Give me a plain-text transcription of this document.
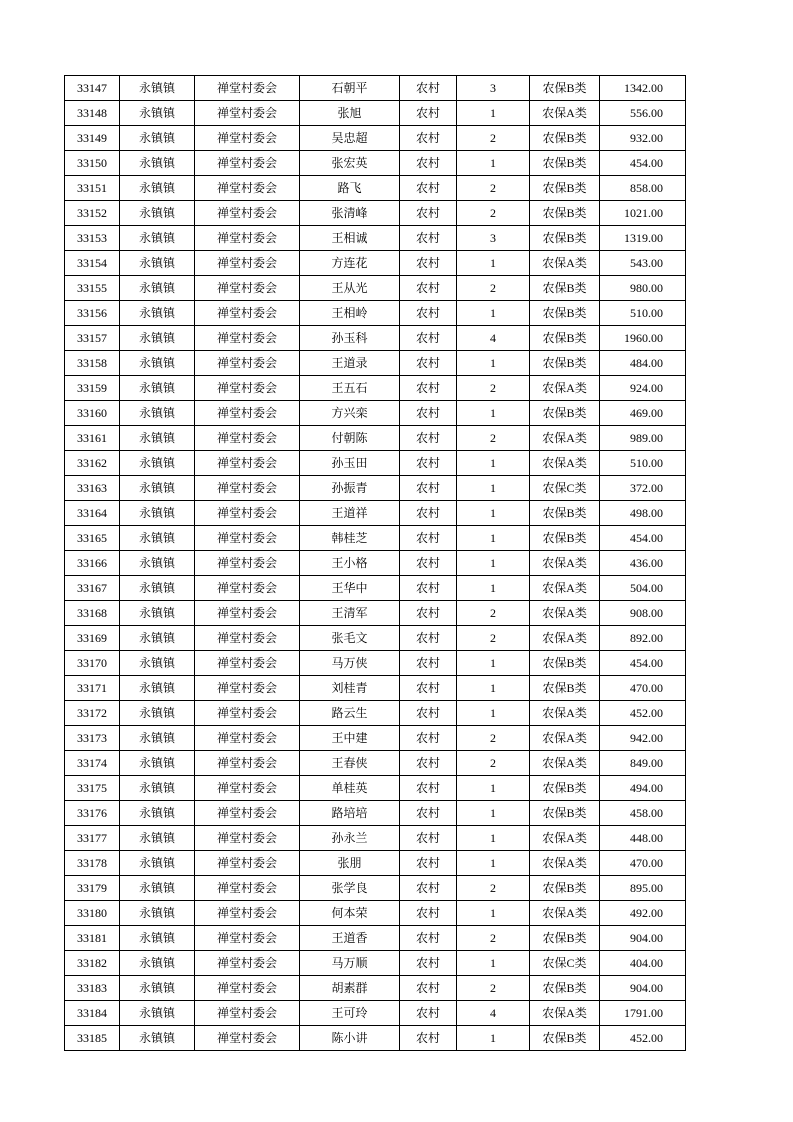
33147	永镇镇	禅堂村委会	石朝平	农村	3	农保B类	1342.00
33148	永镇镇	禅堂村委会	张旭	农村	1	农保A类	556.00
33149	永镇镇	禅堂村委会	吴忠超	农村	2	农保B类	932.00
33150	永镇镇	禅堂村委会	张宏英	农村	1	农保B类	454.00
33151	永镇镇	禅堂村委会	路飞	农村	2	农保B类	858.00
33152	永镇镇	禅堂村委会	张清峰	农村	2	农保B类	1021.00
33153	永镇镇	禅堂村委会	王相诚	农村	3	农保B类	1319.00
33154	永镇镇	禅堂村委会	方连花	农村	1	农保A类	543.00
33155	永镇镇	禅堂村委会	王从光	农村	2	农保B类	980.00
33156	永镇镇	禅堂村委会	王相岭	农村	1	农保B类	510.00
33157	永镇镇	禅堂村委会	孙玉科	农村	4	农保B类	1960.00
33158	永镇镇	禅堂村委会	王道录	农村	1	农保B类	484.00
33159	永镇镇	禅堂村委会	王五石	农村	2	农保A类	924.00
33160	永镇镇	禅堂村委会	方兴栾	农村	1	农保B类	469.00
33161	永镇镇	禅堂村委会	付朝陈	农村	2	农保A类	989.00
33162	永镇镇	禅堂村委会	孙玉田	农村	1	农保A类	510.00
33163	永镇镇	禅堂村委会	孙振青	农村	1	农保C类	372.00
33164	永镇镇	禅堂村委会	王道祥	农村	1	农保B类	498.00
33165	永镇镇	禅堂村委会	韩桂芝	农村	1	农保B类	454.00
33166	永镇镇	禅堂村委会	王小格	农村	1	农保A类	436.00
33167	永镇镇	禅堂村委会	王华中	农村	1	农保A类	504.00
33168	永镇镇	禅堂村委会	王清军	农村	2	农保A类	908.00
33169	永镇镇	禅堂村委会	张毛文	农村	2	农保A类	892.00
33170	永镇镇	禅堂村委会	马万侠	农村	1	农保B类	454.00
33171	永镇镇	禅堂村委会	刘桂青	农村	1	农保B类	470.00
33172	永镇镇	禅堂村委会	路云生	农村	1	农保A类	452.00
33173	永镇镇	禅堂村委会	王中建	农村	2	农保A类	942.00
33174	永镇镇	禅堂村委会	王春侠	农村	2	农保A类	849.00
33175	永镇镇	禅堂村委会	单桂英	农村	1	农保B类	494.00
33176	永镇镇	禅堂村委会	路培培	农村	1	农保B类	458.00
33177	永镇镇	禅堂村委会	孙永兰	农村	1	农保A类	448.00
33178	永镇镇	禅堂村委会	张朋	农村	1	农保A类	470.00
33179	永镇镇	禅堂村委会	张学良	农村	2	农保B类	895.00
33180	永镇镇	禅堂村委会	何本荣	农村	1	农保A类	492.00
33181	永镇镇	禅堂村委会	王道香	农村	2	农保B类	904.00
33182	永镇镇	禅堂村委会	马万顺	农村	1	农保C类	404.00
33183	永镇镇	禅堂村委会	胡素群	农村	2	农保B类	904.00
33184	永镇镇	禅堂村委会	王可玲	农村	4	农保A类	1791.00
33185	永镇镇	禅堂村委会	陈小讲	农村	1	农保B类	452.00
